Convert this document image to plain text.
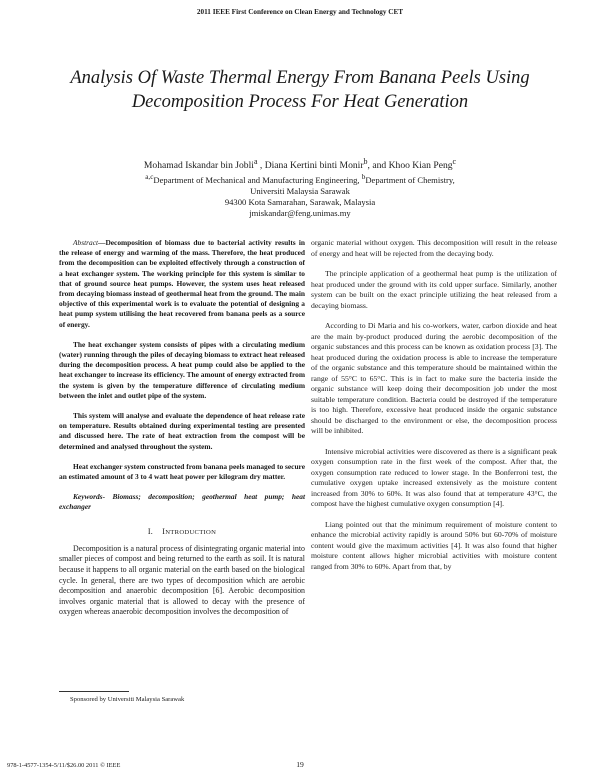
2011 IEEE First Conference on Clean Energy and Technology CET
Analysis Of Waste Thermal Energy From Banana Peels Using Decomposition Process For Heat Generation
Mohamad Iskandar bin Jobli$^a$ , Diana Kertini binti Monir$^b$, and Khoo Kian Peng$^c$
$^{a,c}$Department of Mechanical and Manufacturing Engineering, $^b$Department of Chemistry,
Universiti Malaysia Sarawak
94300 Kota Samarahan, Sarawak, Malaysia
jmiskandar@feng.unimas.my

Abstract—Decomposition of biomass due to bacterial activity results in the release of energy and warming of the mass. Therefore, the heat produced from the decomposition can be exploited effectively through a construction of a heat exchanger system. The working principle for this system is similar to that of ground source heat pumps. However, the system uses heat released from decaying biomass instead of geothermal heat from the ground. The main objective of this experimental work is to evaluate the potential of designing a heat pump system utilising the heat recovered from banana peels as a source of energy.

The heat exchanger system consists of pipes with a circulating medium (water) running through the piles of decaying biomass to extract heat released during the decomposition process. A heat pump could also be applied to the heat exchanger to increase its efficiency. The amount of energy extracted from the system is given by the temperature difference of circulating medium between the inlet and outlet pipe of the system.

This system will analyse and evaluate the dependence of heat release rate on temperature. Results obtained during experimental testing are presented and discussed here. The rate of heat extraction from the compost will be determined and analysed throughout the system.

Heat exchanger system constructed from banana peels managed to secure an estimated amount of 3 to 4 watt heat power per kilogram dry matter.

Keywords- Biomass; decomposition; geothermal heat pump; heat exchanger

I. INTRODUCTION

Decomposition is a natural process of disintegrating organic material into smaller pieces of compost and being returned to the earth as soil. It is natural because it happens to all organic material on the earth based on the biological cycle. In general, there are two types of decomposition which are aerobic decomposition and anaerobic decomposition [6]. Aerobic decomposition involves organic material that is allowed to decay with the presence of oxygen whereas anaerobic decomposition involves the decomposition of

organic material without oxygen. This decomposition will result in the release of energy and heat will be rejected from the decaying body.

The principle application of a geothermal heat pump is the utilization of heat produced under the ground with its cold upper surface. Similarly, another system can be built on the exact principle utilizing the heat released from a decaying biomass.

According to Di Maria and his co-workers, water, carbon dioxide and heat are the main by-product produced during the aerobic decomposition of the organic substances and this process can be known as oxidation process [3]. The heat produced during the oxidation process is able to increase the temperature of the organic substance and this temperature should be maintained within the range of 55°C to 65°C. This is in fact to make sure the bacteria inside the organic substance will keep doing their decomposition job under the most suitable temperature condition. Bacteria could be destroyed if the temperature is too high. Therefore, excessive heat produced inside the organic substance should be discharged to the environment or else, the decomposition process will be inhibited.

Intensive microbial activities were discovered as there is a significant peak oxygen consumption rate in the first week of the compost. After that, the oxygen consumption rate reduced to lower stage. In the Bonferroni test, the cumulative oxygen uptake increased extensively as the moisture content increased from 30% to 60%. It was also found that at temperature 43°C, the compost have the highest cumulative oxygen consumption [4].

Liang pointed out that the minimum requirement of moisture content to enhance the microbial activity rapidly is around 50% but 60-70% of moisture content would give the maximum activities [4]. It was also found that higher moisture content allows higher microbial activities with moisture content ranged from 30% to 60%. Apart from that, by

Sponsored by Universiti Malaysia Sarawak
978-1-4577-1354-5/11/$26.00 2011 © IEEE	19
